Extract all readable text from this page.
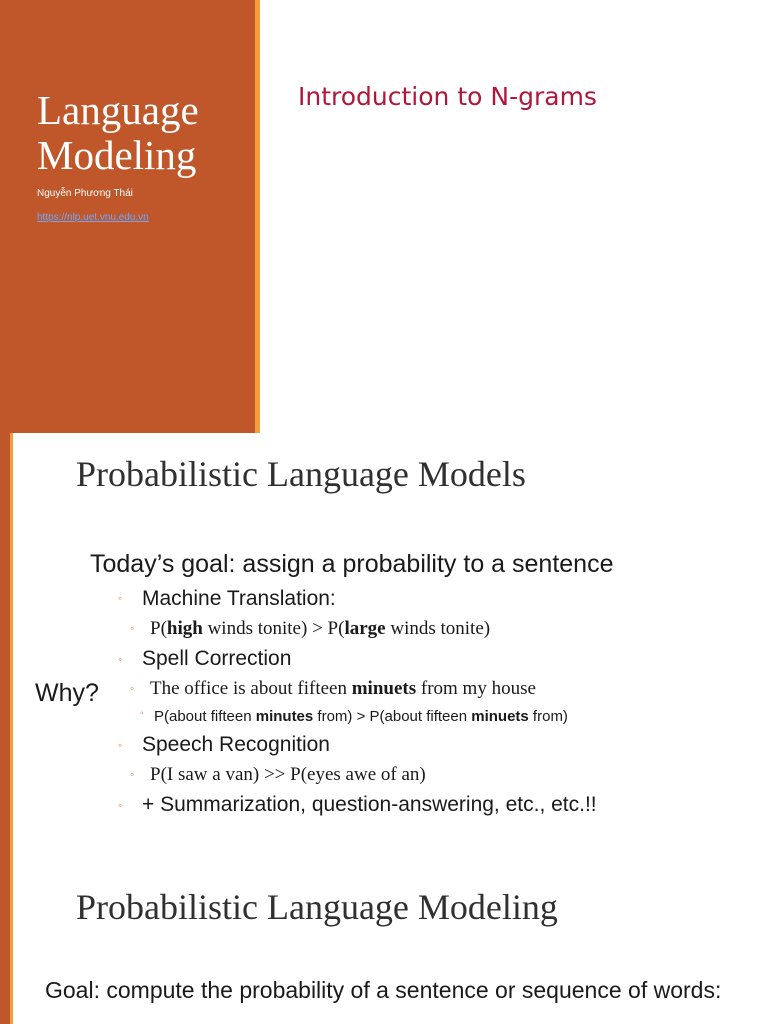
Language
Modeling
Nguyễn Phương Thái
https://nlp.uet.vnu.edu.vn
Introduction to N-grams
Probabilistic Language Models
Today’s goal: assign a probability to a sentence
◦ Machine Translation:
◦ P(high winds tonite) > P(large winds tonite)
◦ Spell Correction
Why?	◦ The office is about fifteen minuets from my house
◦ P(about fifteen minutes from) > P(about fifteen minuets from)
◦ Speech Recognition
◦ P(I saw a van) >> P(eyes awe of an)
◦ + Summarization, question-answering, etc., etc.!!
Probabilistic Language Modeling
Goal: compute the probability of a sentence or sequence of words:
